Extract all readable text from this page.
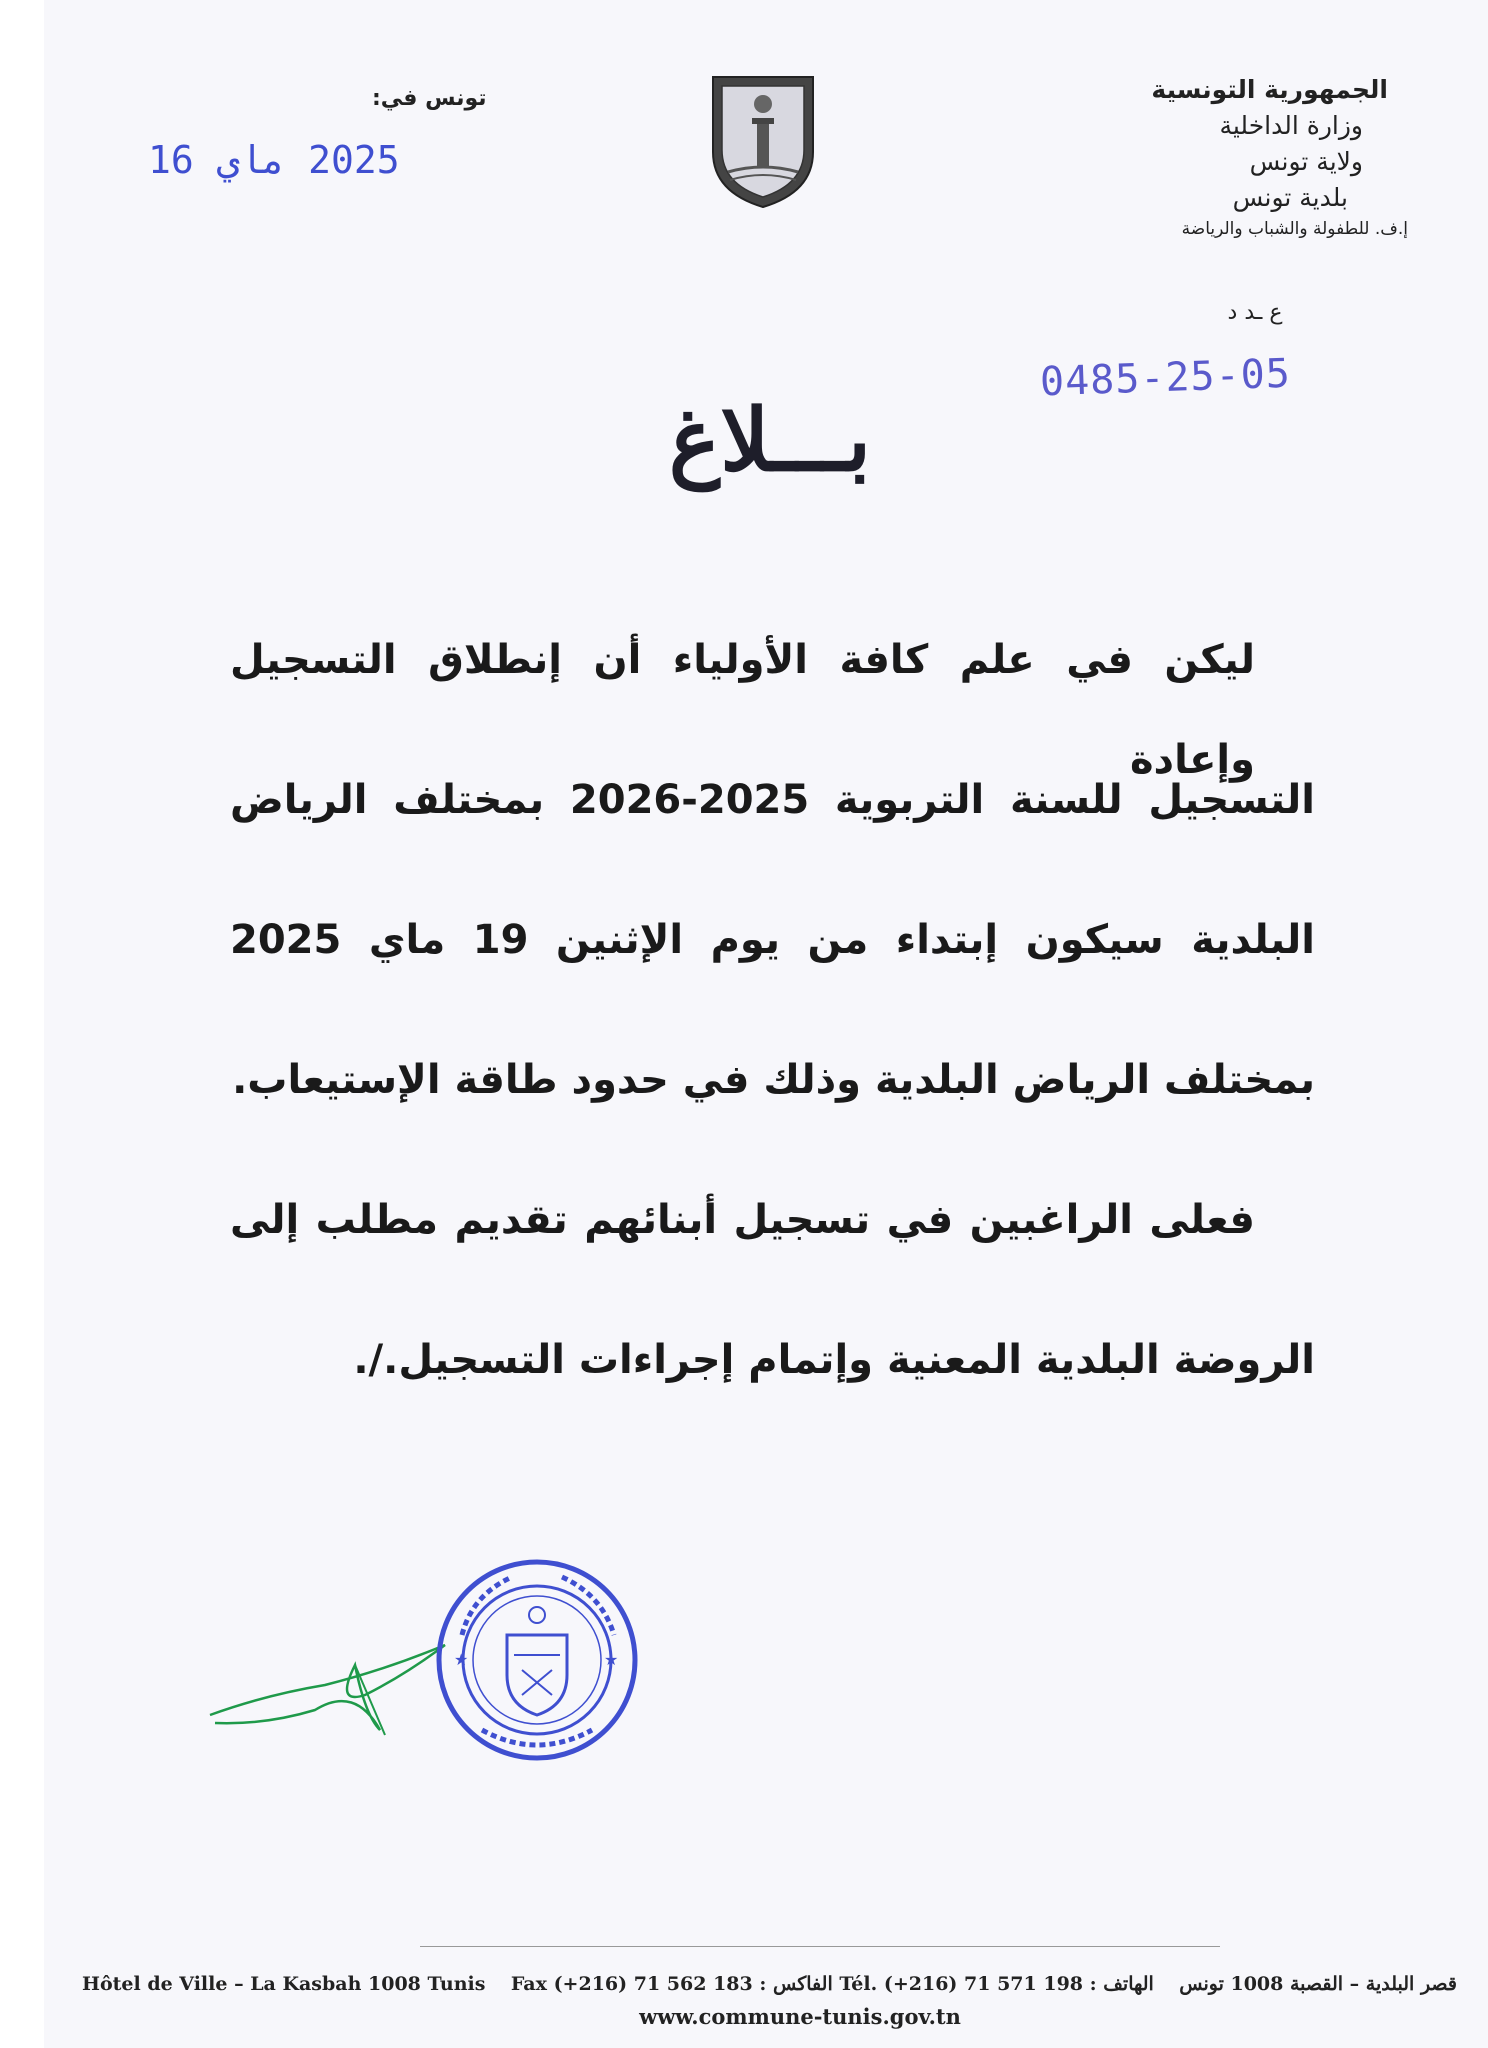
الجمهورية التونسية
وزارة الداخلية
ولاية تونس
بلدية تونس
إ.ف. للطفولة والشباب والرياضة
ع ـد د
0485-25-05
تونس في:
2025 ماي 16
بـــلاغ
ليكن في علم كافة الأولياء أن إنطلاق التسجيل وإعادة
التسجيل للسنة التربوية 2025-2026 بمختلف الرياض
البلدية سيكون إبتداء من يوم الإثنين 19 ماي 2025
بمختلف الرياض البلدية وذلك في حدود طاقة الإستيعاب.
فعلى الراغبين في تسجيل أبنائهم تقديم مطلب إلى
الروضة البلدية المعنية وإتمام إجراءات التسجيل./.
★	★
Hôtel de Ville – La Kasbah 1008 Tunis Fax (+216) 71 562 183 : الفاكس Tél. (+216) 71 571 198 : الهاتف قصر البلدية – القصبة 1008 تونس
www.commune-tunis.gov.tn
